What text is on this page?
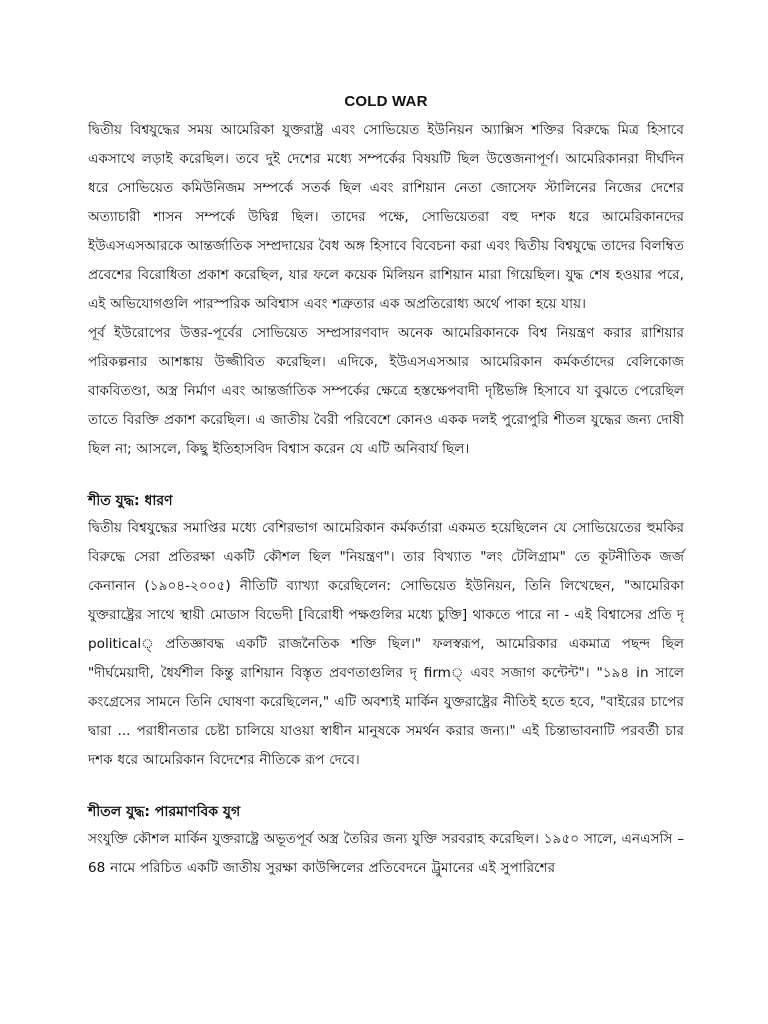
COLD WAR

দ্বিতীয় বিশ্বযুদ্ধের সময় আমেরিকা যুক্তরাষ্ট্র এবং সোভিয়েত ইউনিয়ন অ্যাক্সিস শক্তির বিরুদ্ধে মিত্র হিসাবে একসাথে লড়াই করেছিল। তবে দুই দেশের মধ্যে সম্পর্কের বিষয়টি ছিল উত্তেজনাপূর্ণ। আমেরিকানরা দীর্ঘদিন ধরে সোভিয়েত কমিউনিজম সম্পর্কে সতর্ক ছিল এবং রাশিয়ান নেতা জোসেফ স্টালিনের নিজের দেশের অত্যাচারী শাসন সম্পর্কে উদ্বিগ্ন ছিল। তাদের পক্ষে, সোভিয়েতরা বহু দশক ধরে আমেরিকানদের ইউএসএসআরকে আন্তর্জাতিক সম্প্রদায়ের বৈধ অঙ্গ হিসাবে বিবেচনা করা এবং দ্বিতীয় বিশ্বযুদ্ধে তাদের বিলম্বিত প্রবেশের বিরোধিতা প্রকাশ করেছিল, যার ফলে কয়েক মিলিয়ন রাশিয়ান মারা গিয়েছিল। যুদ্ধ শেষ হওয়ার পরে, এই অভিযোগগুলি পারস্পরিক অবিশ্বাস এবং শত্রুতার এক অপ্রতিরোধ্য অর্থে পাকা হয়ে যায়।

পূর্ব ইউরোপের উত্তর-পূর্বের সোভিয়েত সম্প্রসারণবাদ অনেক আমেরিকানকে বিশ্ব নিয়ন্ত্রণ করার রাশিয়ার পরিকল্পনার আশঙ্কায় উজ্জীবিত করেছিল। এদিকে, ইউএসএসআর আমেরিকান কর্মকর্তাদের বেলিকোজ বাকবিতণ্ডা, অস্ত্র নির্মাণ এবং আন্তর্জাতিক সম্পর্কের ক্ষেত্রে হস্তক্ষেপবাদী দৃষ্টিভঙ্গি হিসাবে যা বুঝতে পেরেছিল তাতে বিরক্তি প্রকাশ করেছিল। এ জাতীয় বৈরী পরিবেশে কোনও একক দলই পুরোপুরি শীতল যুদ্ধের জন্য দোষী ছিল না; আসলে, কিছু ইতিহাসবিদ বিশ্বাস করেন যে এটি অনিবার্য ছিল।

শীত যুদ্ধ: ধারণ

দ্বিতীয় বিশ্বযুদ্ধের সমাপ্তির মধ্যে বেশিরভাগ আমেরিকান কর্মকর্তারা একমত হয়েছিলেন যে সোভিয়েতের হুমকির বিরুদ্ধে সেরা প্রতিরক্ষা একটি কৌশল ছিল "নিয়ন্ত্রণ"। তার বিখ্যাত "লং টেলিগ্রাম" তে কূটনীতিক জর্জ কেনানান (১৯০৪-২০০৫) নীতিটি ব্যাখ্যা করেছিলেন: সোভিয়েত ইউনিয়ন, তিনি লিখেছেন, "আমেরিকা যুক্তরাষ্ট্রের সাথে স্থায়ী মোডাস বিভেদী [বিরোধী পক্ষগুলির মধ্যে চুক্তি] থাকতে পারে না - এই বিশ্বাসের প্রতি দৃ political্ প্রতিজ্ঞাবদ্ধ একটি রাজনৈতিক শক্তি ছিল।" ফলস্বরূপ, আমেরিকার একমাত্র পছন্দ ছিল "দীর্ঘমেয়াদী, ধৈর্যশীল কিন্তু রাশিয়ান বিস্তৃত প্রবণতাগুলির দৃ firm্ এবং সজাগ কন্টেন্ট"। "১৯৪ in সালে কংগ্রেসের সামনে তিনি ঘোষণা করেছিলেন," এটি অবশ্যই মার্কিন যুক্তরাষ্ট্রের নীতিই হতে হবে, "বাইরের চাপের দ্বারা ... পরাধীনতার চেষ্টা চালিয়ে যাওয়া স্বাধীন মানুষকে সমর্থন করার জন্য।" এই চিন্তাভাবনাটি পরবর্তী চার দশক ধরে আমেরিকান বিদেশের নীতিকে রূপ দেবে।

শীতল যুদ্ধ: পারমাণবিক যুগ

সংযুক্তি কৌশল মার্কিন যুক্তরাষ্ট্রে অভূতপূর্ব অস্ত্র তৈরির জন্য যুক্তি সরবরাহ করেছিল। ১৯৫০ সালে, এনএসসি – 68 নামে পরিচিত একটি জাতীয় সুরক্ষা কাউন্সিলের প্রতিবেদনে ট্রুমানের এই সুপারিশের
